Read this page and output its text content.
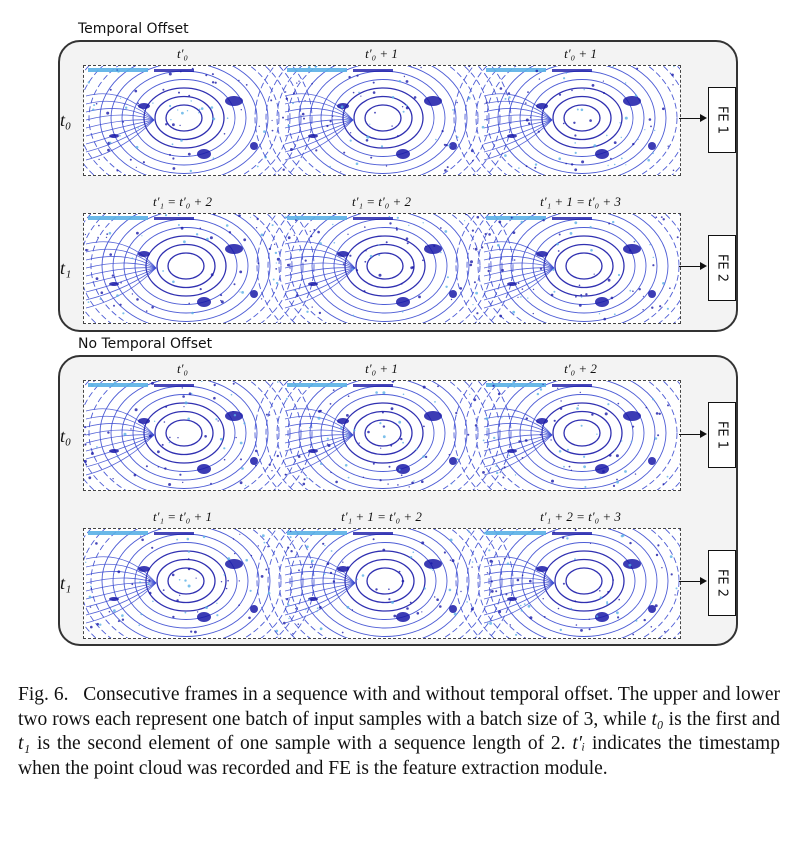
Temporal Offset
t′₀	t′₀ + 1	t′₀ + 1
t₀	FE 1
t′₁ = t′₀ + 2	t′₁ = t′₀ + 2	t′₁ + 1 = t′₀ + 3
t₁	FE 2
No Temporal Offset
t′₀	t′₀ + 1	t′₀ + 2
t₀	FE 1
t′₁ = t′₀ + 1	t′₁ + 1 = t′₀ + 2	t′₁ + 2 = t′₀ + 3
t₁	FE 2
Fig. 6.  Consecutive frames in a sequence with and without temporal offset. The upper and lower two rows each represent one batch of input samples with a batch size of 3, while t₀ is the first and t₁ is the second element of one sample with a sequence length of 2. t′ᵢ indicates the timestamp when the point cloud was recorded and FE is the feature extraction module.
